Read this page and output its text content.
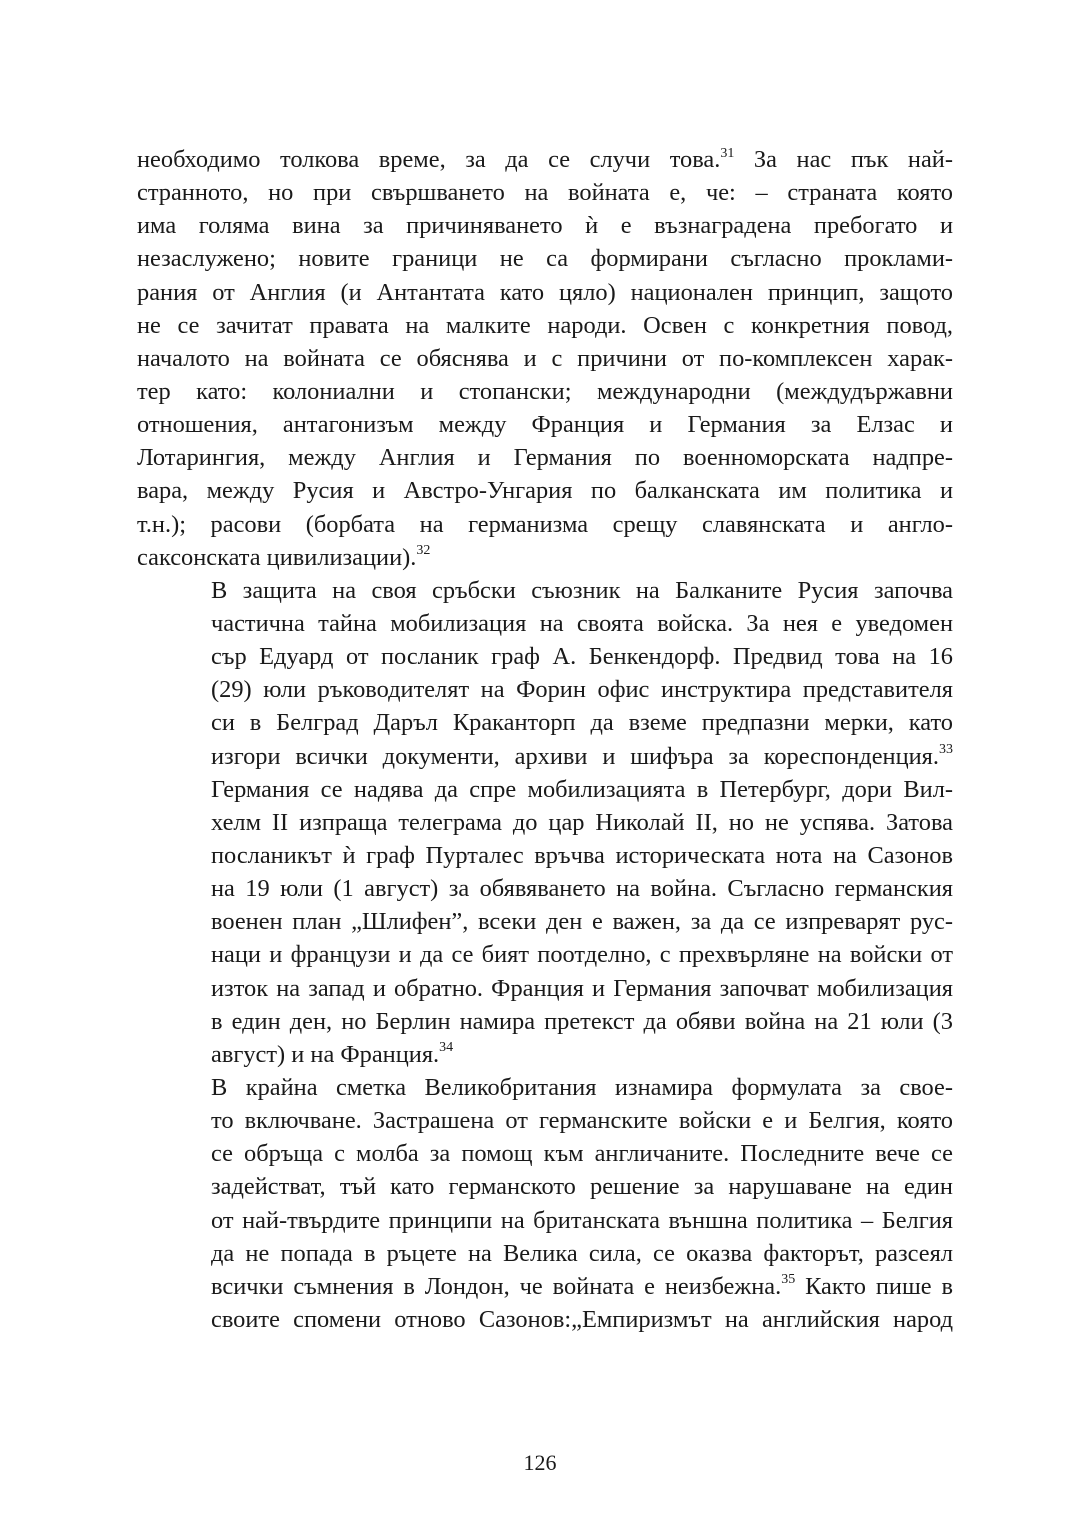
необходимо толкова време, за да се случи това.$^{31}$ За нас пък най-
странното, но при свършването на войната е, че: – страната която
има голяма вина за причиняването ѝ е възнаградена пребогато и
незаслужено; новите граници не са формирани съгласно проклами-
рания от Англия (и Антантата като цяло) национален принцип, защото
не се зачитат правата на малките народи. Освен с конкретния повод,
началото на войната се обяснява и с причини от по-комплексен харак-
тер като: колониални и стопански; международни (междудържавни
отношения, антагонизъм между Франция и Германия за Елзас и
Лотарингия, между Англия и Германия по военноморската надпре-
вара, между Русия и Австро-Унгария по балканската им политика и
т.н.); расови (борбата на германизма срещу славянската и англо-
саксонската цивилизации).$^{32}$

В защита на своя сръбски съюзник на Балканите Русия започва
частична тайна мобилизация на своята войска. За нея е уведомен
сър Едуард от посланик граф А. Бенкендорф. Предвид това на 16
(29) юли ръководителят на Форин офис инструктира представителя
си в Белград Даръл Кракантoрп да вземе предпазни мерки, като
изгори всички документи, архиви и шифъра за кореспонденция.$^{33}$
Германия се надява да спре мобилизацията в Петербург, дори Вил-
хелм II изпраща телеграма до цар Николай II, но не успява. Затова
посланикът ѝ граф Пурталес връчва историческата нота на Сазонов
на 19 юли (1 август) за обявяването на война. Съгласно германския
военен план „Шлифен”, всеки ден е важен, за да се изпреварят рус-
наци и французи и да се бият поотделно, с прехвърляне на войски от
изток на запад и обратно. Франция и Германия започват мобилизация
в един ден, но Берлин намира претекст да обяви война на 21 юли (3
август) и на Франция.$^{34}$

В крайна сметка Великобритания изнамира формулата за свое-
то включване. Застрашена от германските войски е и Белгия, която
се обръща с молба за помощ към англичаните. Последните вече се
задействат, тъй като германското решение за нарушаване на един
от най-твърдите принципи на британската външна политика – Белгия
да не попада в ръцете на Велика сила, се оказва факторът, разсеял
всички съмнения в Лондон, че войната е неизбежна.$^{35}$ Както пише в
своите спомени отново Сазонов:„Емпиризмът на английския народ

126
